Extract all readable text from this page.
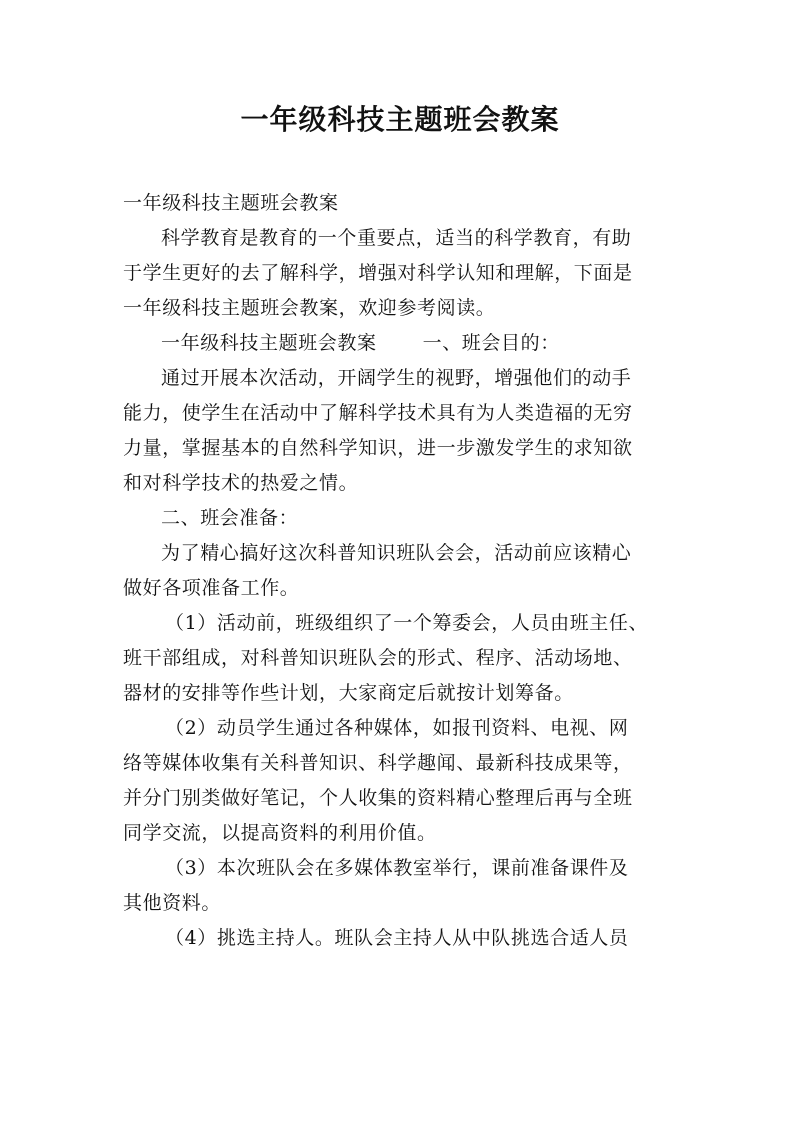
一年级科技主题班会教案
一年级科技主题班会教案
科学教育是教育的一个重要点，适当的科学教育，有助
于学生更好的去了解科学，增强对科学认知和理解，下面是
一年级科技主题班会教案，欢迎参考阅读。
一年级科技主题班会教案 一、班会目的：
通过开展本次活动，开阔学生的视野，增强他们的动手
能力，使学生在活动中了解科学技术具有为人类造福的无穷
力量，掌握基本的自然科学知识，进一步激发学生的求知欲
和对科学技术的热爱之情。
二、班会准备：
为了精心搞好这次科普知识班队会会，活动前应该精心
做好各项准备工作。
（1）活动前，班级组织了一个筹委会，人员由班主任、
班干部组成，对科普知识班队会的形式、程序、活动场地、
器材的安排等作些计划，大家商定后就按计划筹备。
（2）动员学生通过各种媒体，如报刊资料、电视、网
络等媒体收集有关科普知识、科学趣闻、最新科技成果等，
并分门别类做好笔记，个人收集的资料精心整理后再与全班
同学交流，以提高资料的利用价值。
（3）本次班队会在多媒体教室举行，课前准备课件及
其他资料。
（4）挑选主持人。班队会主持人从中队挑选合适人员
